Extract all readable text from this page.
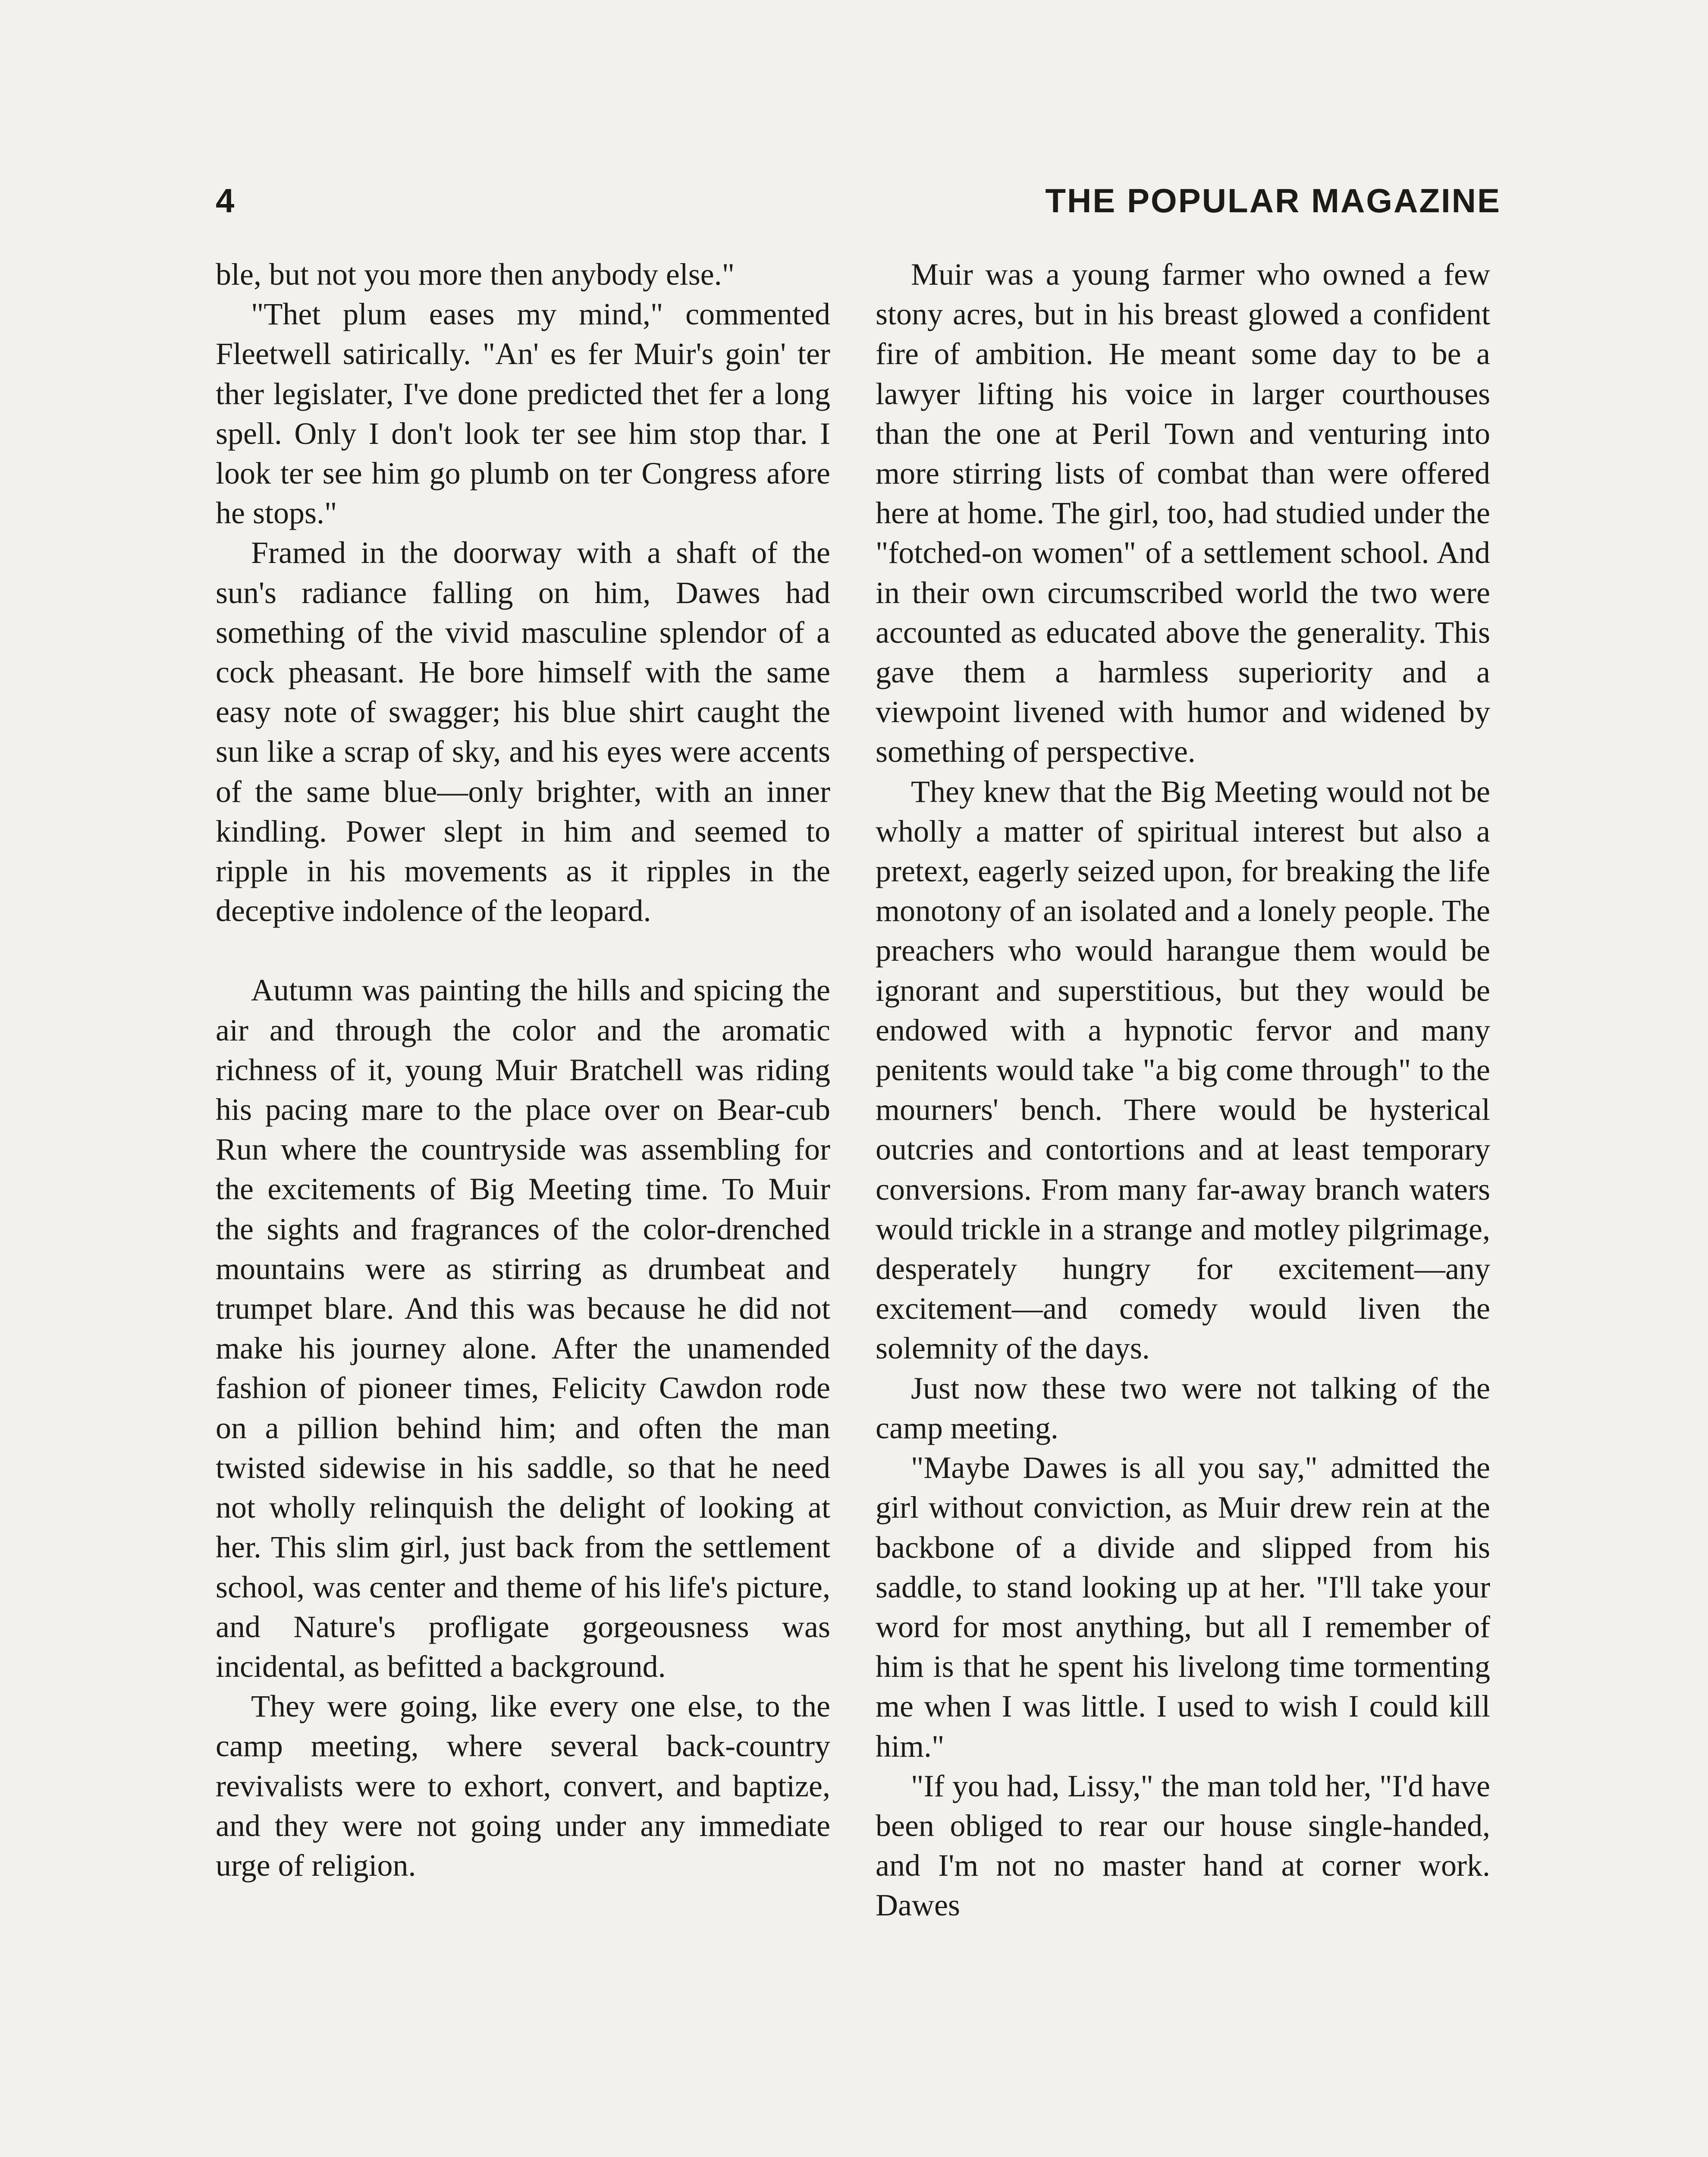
4	THE POPULAR MAGAZINE

ble, but not you more then anybody else."

"Thet plum eases my mind," commented Fleetwell satirically. "An' es fer Muir's goin' ter ther legislater, I've done predicted thet fer a long spell. Only I don't look ter see him stop thar. I look ter see him go plumb on ter Congress afore he stops."

Framed in the doorway with a shaft of the sun's radiance falling on him, Dawes had something of the vivid masculine splendor of a cock pheasant. He bore himself with the same easy note of swagger; his blue shirt caught the sun like a scrap of sky, and his eyes were accents of the same blue—only brighter, with an inner kindling. Power slept in him and seemed to ripple in his movements as it ripples in the deceptive indolence of the leopard.

Autumn was painting the hills and spicing the air and through the color and the aromatic richness of it, young Muir Bratchell was riding his pacing mare to the place over on Bear-cub Run where the countryside was assembling for the excitements of Big Meeting time. To Muir the sights and fragrances of the color-drenched mountains were as stirring as drumbeat and trumpet blare. And this was because he did not make his journey alone. After the unamended fashion of pioneer times, Felicity Cawdon rode on a pillion behind him; and often the man twisted sidewise in his saddle, so that he need not wholly relinquish the delight of looking at her. This slim girl, just back from the settlement school, was center and theme of his life's picture, and Nature's profligate gorgeousness was incidental, as befitted a background.

They were going, like every one else, to the camp meeting, where several back-country revivalists were to exhort, convert, and baptize, and they were not going under any immediate urge of religion.

Muir was a young farmer who owned a few stony acres, but in his breast glowed a confident fire of ambition. He meant some day to be a lawyer lifting his voice in larger courthouses than the one at Peril Town and venturing into more stirring lists of combat than were offered here at home. The girl, too, had studied under the "fotched-on women" of a settlement school. And in their own circumscribed world the two were accounted as educated above the generality. This gave them a harmless superiority and a viewpoint livened with humor and widened by something of perspective.

They knew that the Big Meeting would not be wholly a matter of spiritual interest but also a pretext, eagerly seized upon, for breaking the life monotony of an isolated and a lonely people. The preachers who would harangue them would be ignorant and superstitious, but they would be endowed with a hypnotic fervor and many penitents would take "a big come through" to the mourners' bench. There would be hysterical outcries and contortions and at least temporary conversions. From many far-away branch waters would trickle in a strange and motley pilgrimage, desperately hungry for excitement—any excitement—and comedy would liven the solemnity of the days.

Just now these two were not talking of the camp meeting.

"Maybe Dawes is all you say," admitted the girl without conviction, as Muir drew rein at the backbone of a divide and slipped from his saddle, to stand looking up at her. "I'll take your word for most anything, but all I remember of him is that he spent his livelong time tormenting me when I was little. I used to wish I could kill him."

"If you had, Lissy," the man told her, "I'd have been obliged to rear our house single-handed, and I'm not no master hand at corner work. Dawes
